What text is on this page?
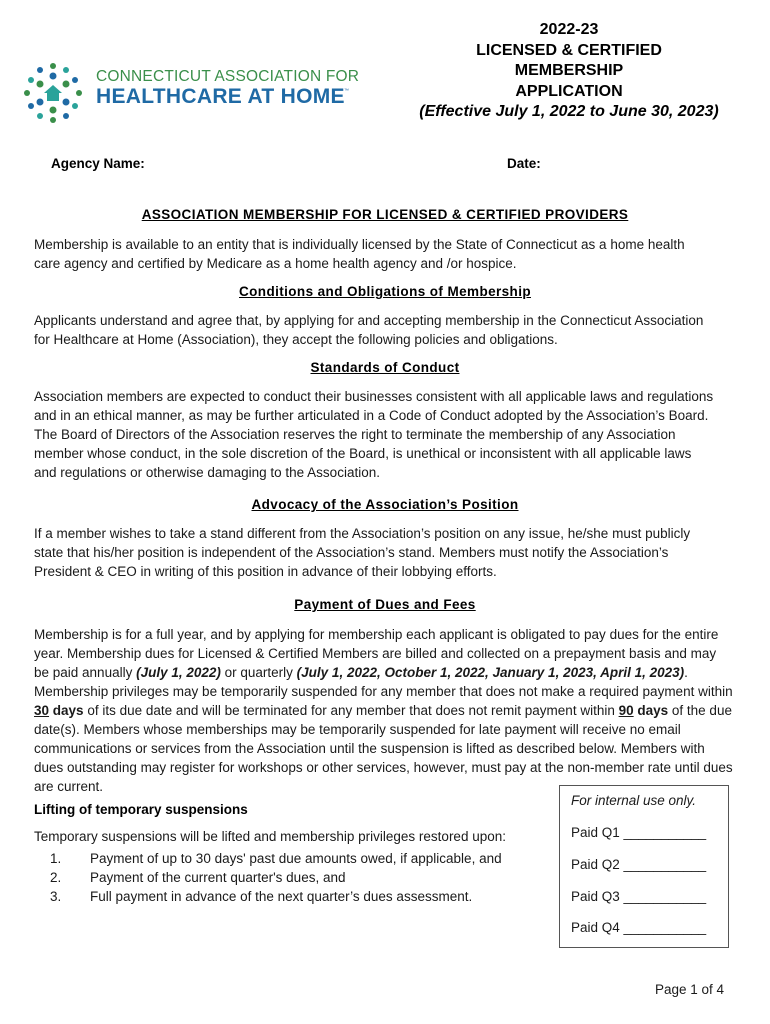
CONNECTICUT ASSOCIATION FOR
HEALTHCARE AT HOME ™
2022-23
LICENSED & CERTIFIED
MEMBERSHIP
APPLICATION
(Effective July 1, 2022 to June 30, 2023)
Agency Name:	Date:
ASSOCIATION MEMBERSHIP FOR LICENSED & CERTIFIED PROVIDERS
Membership is available to an entity that is individually licensed by the State of Connecticut as a home health
care agency and certified by Medicare as a home health agency and /or hospice.
Conditions and Obligations of Membership
Applicants understand and agree that, by applying for and accepting membership in the Connecticut Association
for Healthcare at Home (Association), they accept the following policies and obligations.
Standards of Conduct
Association members are expected to conduct their businesses consistent with all applicable laws and regulations
and in an ethical manner, as may be further articulated in a Code of Conduct adopted by the Association’s Board.
The Board of Directors of the Association reserves the right to terminate the membership of any Association
member whose conduct, in the sole discretion of the Board, is unethical or inconsistent with all applicable laws
and regulations or otherwise damaging to the Association.
Advocacy of the Association’s Position
If a member wishes to take a stand different from the Association’s position on any issue, he/she must publicly
state that his/her position is independent of the Association’s stand. Members must notify the Association’s
President & CEO in writing of this position in advance of their lobbying efforts.
Payment of Dues and Fees
Membership is for a full year, and by applying for membership each applicant is obligated to pay dues for the entire
year. Membership dues for Licensed & Certified Members are billed and collected on a prepayment basis and may
be paid annually (July 1, 2022) or quarterly (July 1, 2022, October 1, 2022, January 1, 2023, April 1, 2023).
Membership privileges may be temporarily suspended for any member that does not make a required payment within
30 days of its due date and will be terminated for any member that does not remit payment within 90 days of the due
date(s). Members whose memberships may be temporarily suspended for late payment will receive no email
communications or services from the Association until the suspension is lifted as described below. Members with
dues outstanding may register for workshops or other services, however, must pay at the non-member rate until dues
are current.
Lifting of temporary suspensions
Temporary suspensions will be lifted and membership privileges restored upon:
1. Payment of up to 30 days' past due amounts owed, if applicable, and
2. Payment of the current quarter's dues, and
3. Full payment in advance of the next quarter’s dues assessment.
For internal use only.
Paid Q1 ___________
Paid Q2 ___________
Paid Q3 ___________
Paid Q4 ___________
Page 1 of 4
